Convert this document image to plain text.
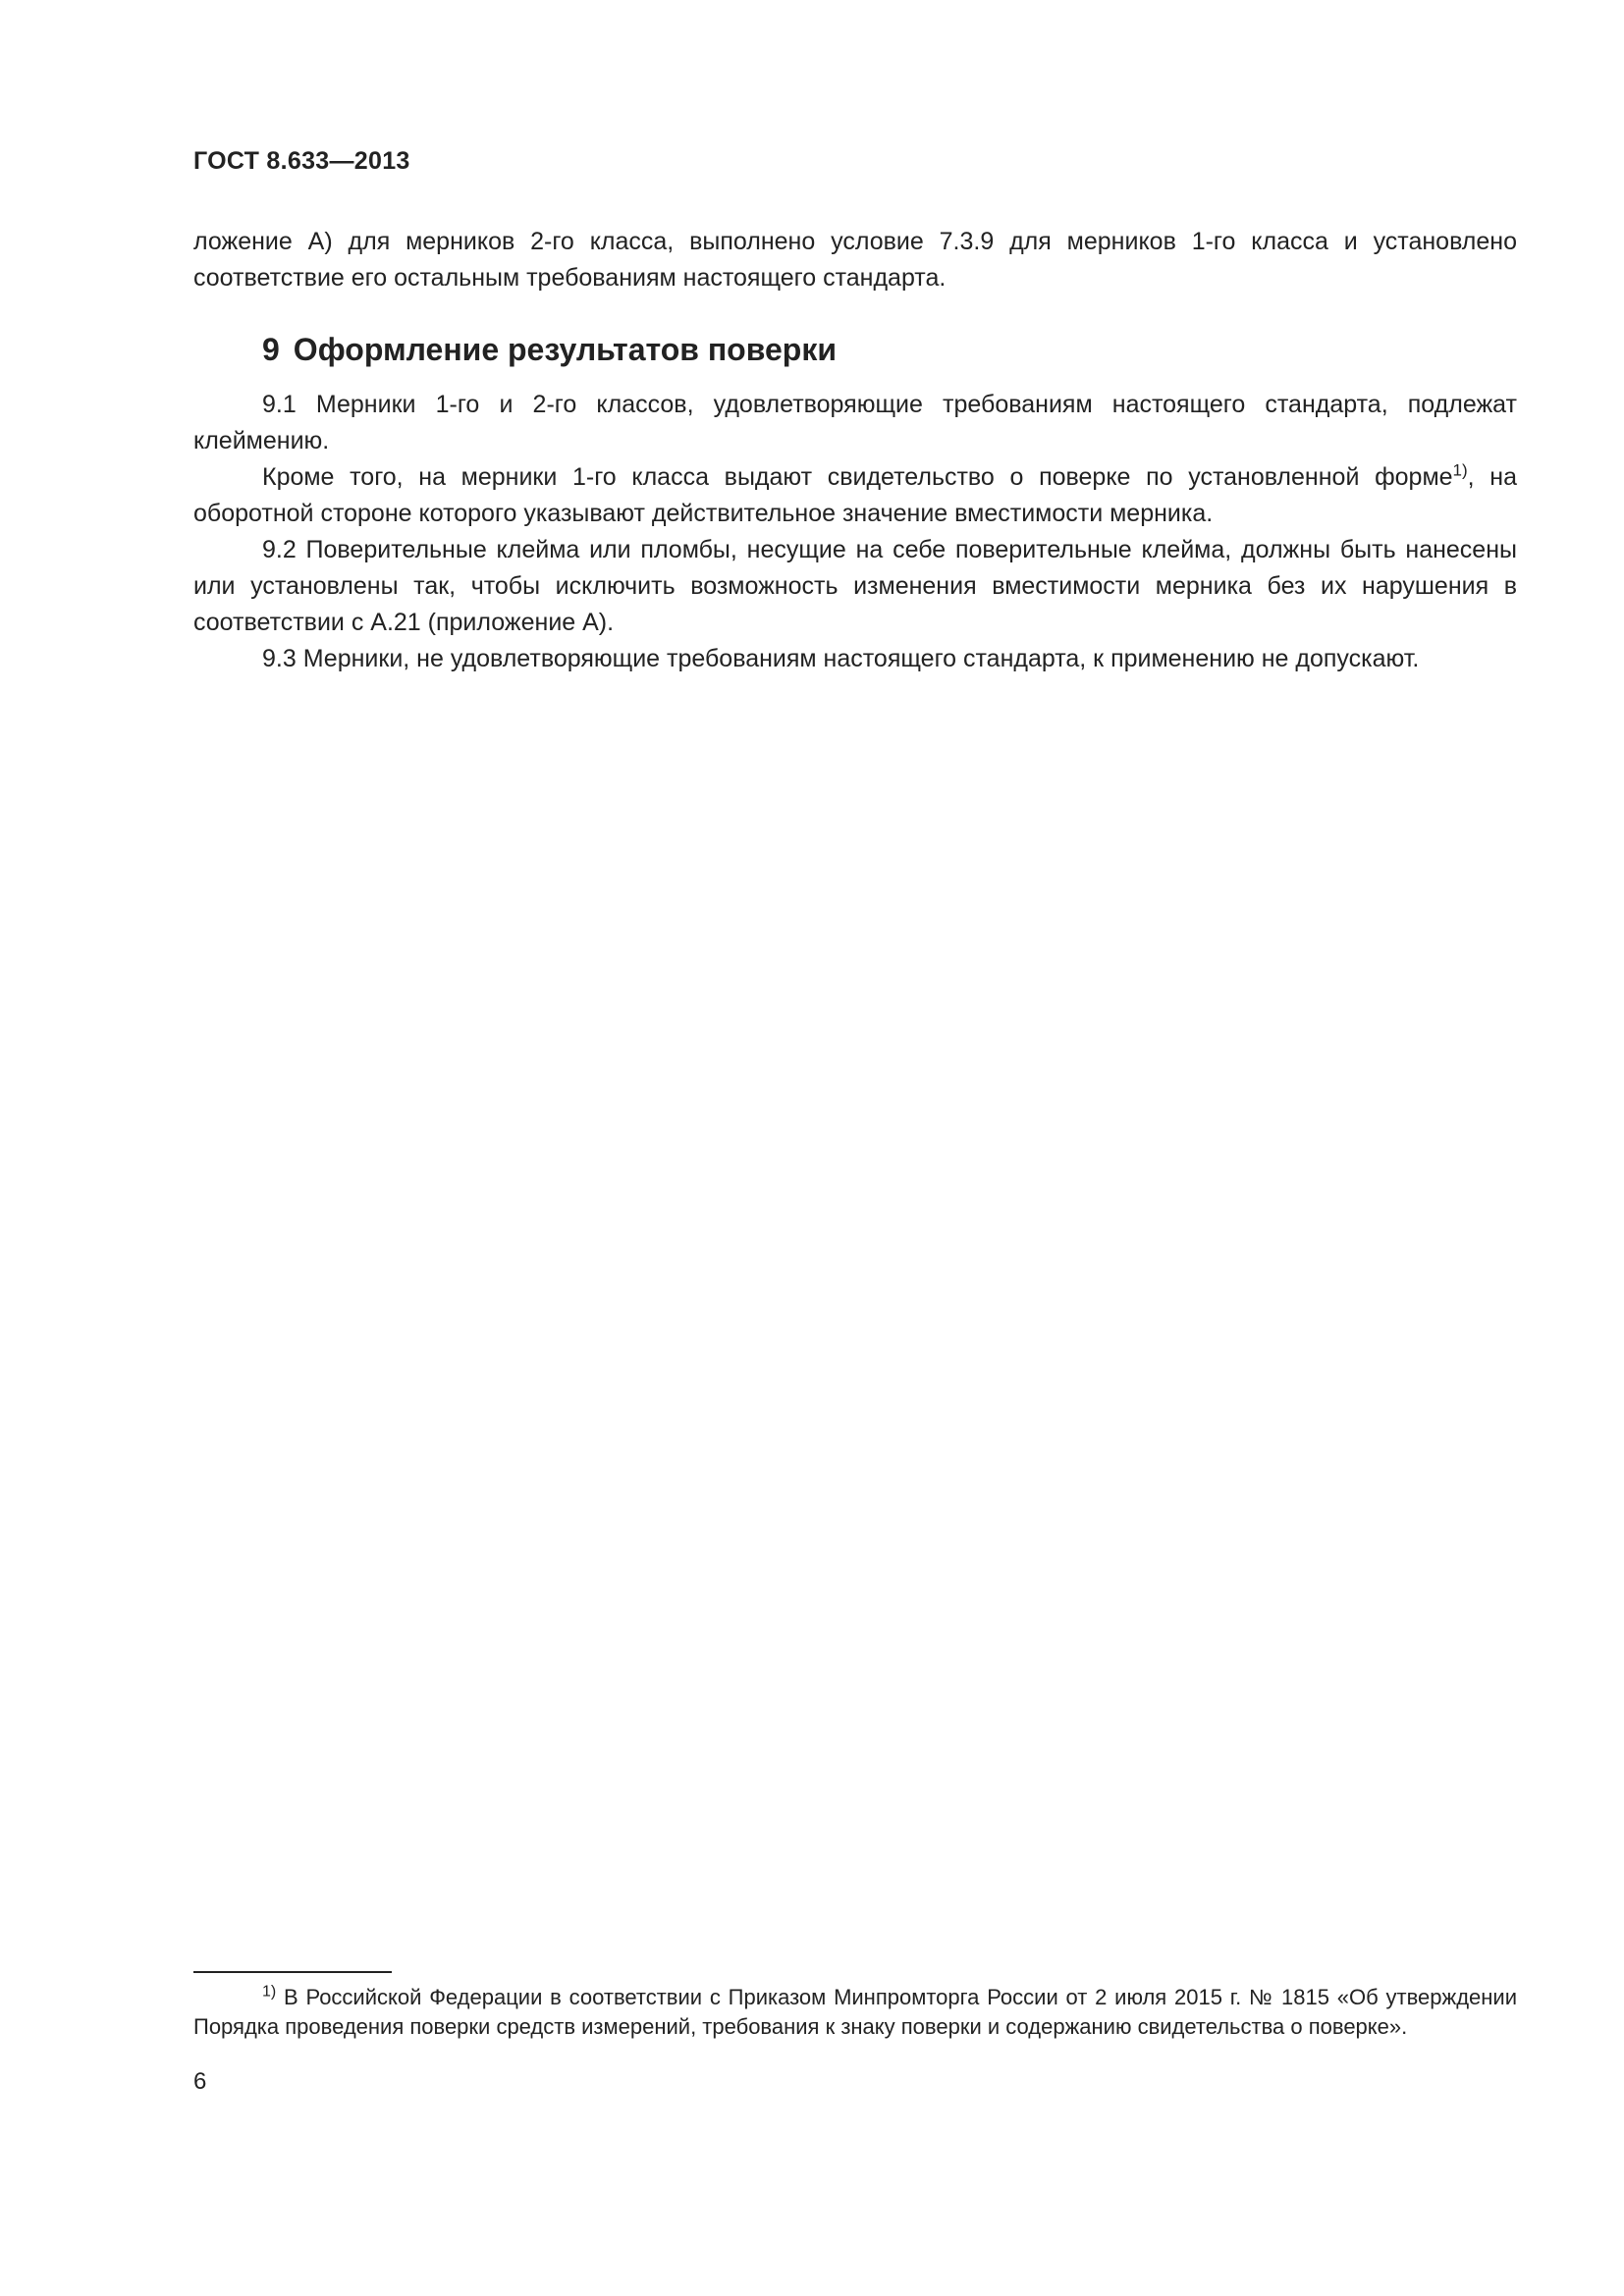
ГОСТ 8.633—2013

ложение А) для мерников 2-го класса, выполнено условие 7.3.9 для мерников 1-го класса и установлено соответствие его остальным требованиям настоящего стандарта.

9 Оформление результатов поверки

9.1 Мерники 1-го и 2-го классов, удовлетворяющие требованиям настоящего стандарта, подлежат клеймению.

Кроме того, на мерники 1-го класса выдают свидетельство о поверке по установленной форме$^{1)}$, на оборотной стороне которого указывают действительное значение вместимости мерника.

9.2 Поверительные клейма или пломбы, несущие на себе поверительные клейма, должны быть нанесены или установлены так, чтобы исключить возможность изменения вместимости мерника без их нарушения в соответствии с А.21 (приложение А).

9.3 Мерники, не удовлетворяющие требованиям настоящего стандарта, к применению не допускают.

$^{1)}$ В Российской Федерации в соответствии с Приказом Минпромторга России от 2 июля 2015 г. № 1815 «Об утверждении Порядка проведения поверки средств измерений, требования к знаку поверки и содержанию свидетельства о поверке».

6
